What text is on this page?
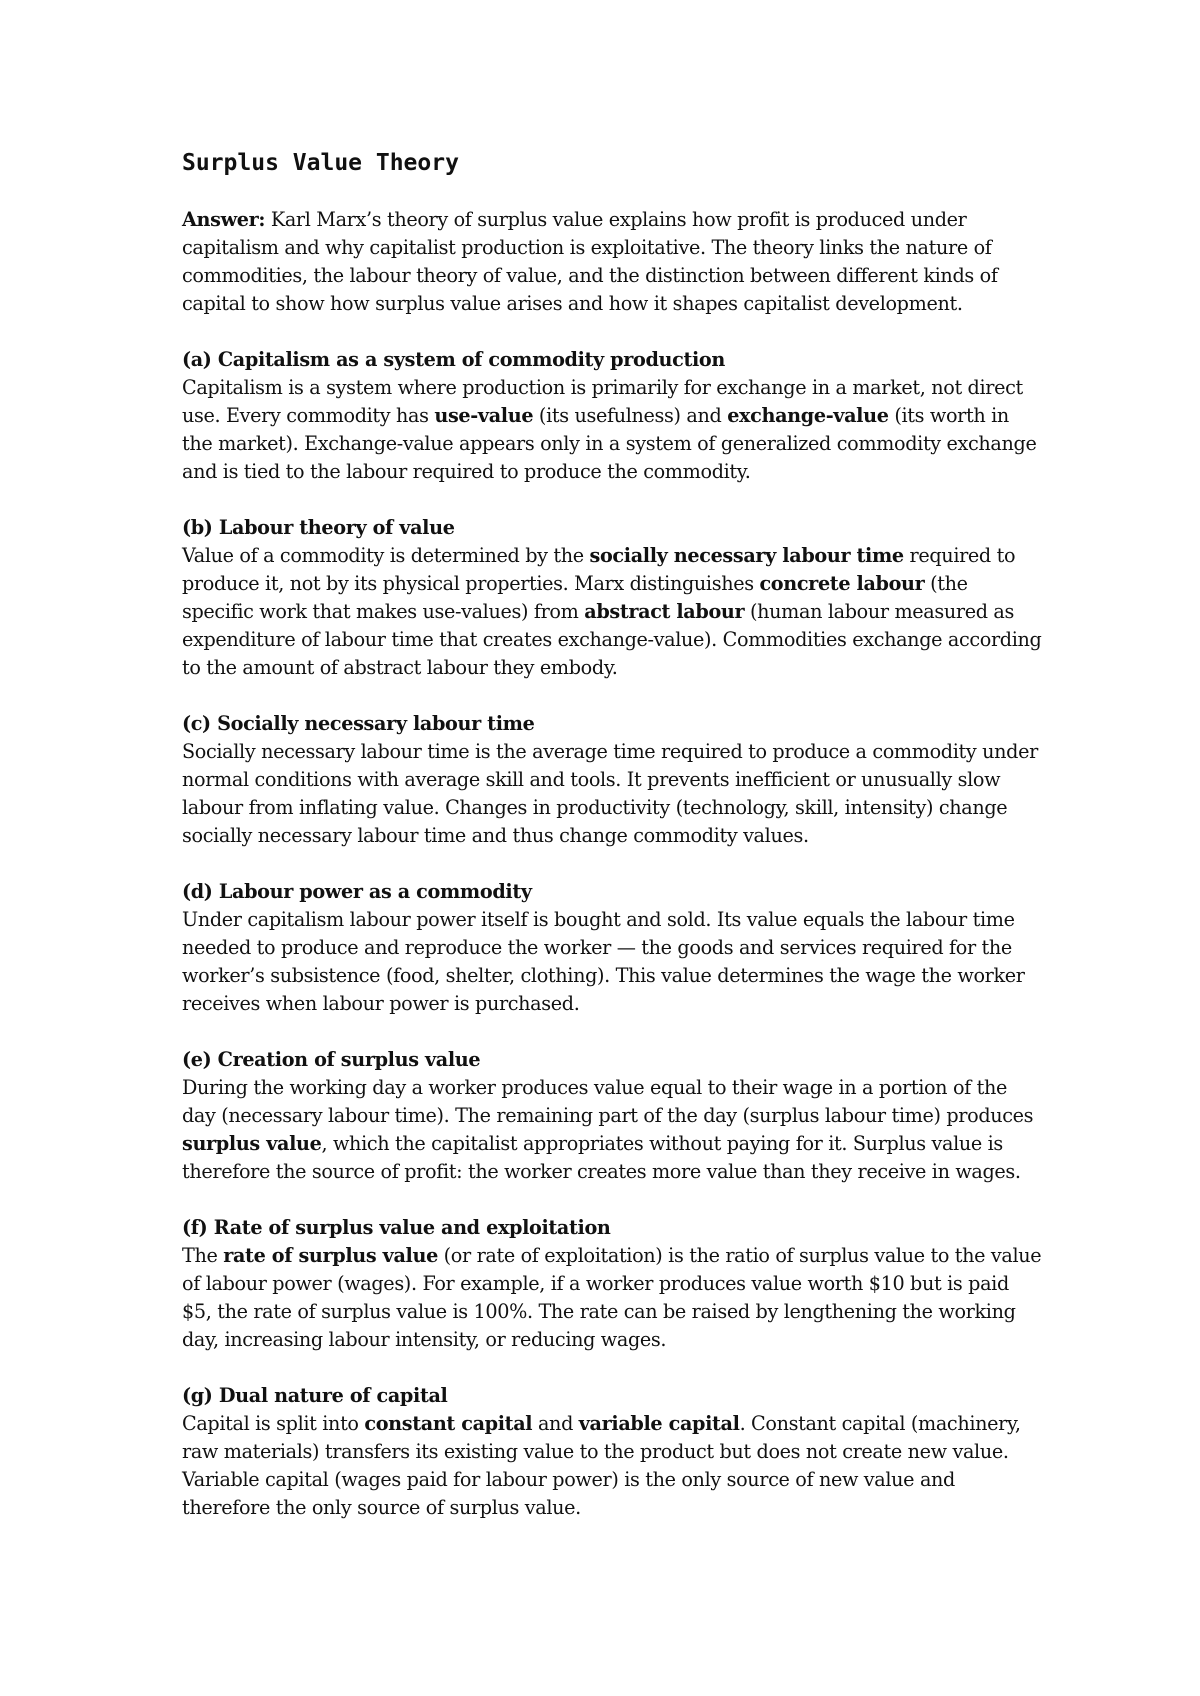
Surplus Value Theory

Answer: Karl Marx’s theory of surplus value explains how profit is produced under capitalism and why capitalist production is exploitative. The theory links the nature of commodities, the labour theory of value, and the distinction between different kinds of capital to show how surplus value arises and how it shapes capitalist development.

(a) Capitalism as a system of commodity production

Capitalism is a system where production is primarily for exchange in a market, not direct use. Every commodity has use-value (its usefulness) and exchange-value (its worth in the market). Exchange-value appears only in a system of generalized commodity exchange and is tied to the labour required to produce the commodity.

(b) Labour theory of value

Value of a commodity is determined by the socially necessary labour time required to produce it, not by its physical properties. Marx distinguishes concrete labour (the specific work that makes use-values) from abstract labour (human labour measured as expenditure of labour time that creates exchange-value). Commodities exchange according to the amount of abstract labour they embody.

(c) Socially necessary labour time

Socially necessary labour time is the average time required to produce a commodity under normal conditions with average skill and tools. It prevents inefficient or unusually slow labour from inflating value. Changes in productivity (technology, skill, intensity) change socially necessary labour time and thus change commodity values.

(d) Labour power as a commodity

Under capitalism labour power itself is bought and sold. Its value equals the labour time needed to produce and reproduce the worker — the goods and services required for the worker’s subsistence (food, shelter, clothing). This value determines the wage the worker receives when labour power is purchased.

(e) Creation of surplus value

During the working day a worker produces value equal to their wage in a portion of the day (necessary labour time). The remaining part of the day (surplus labour time) produces surplus value, which the capitalist appropriates without paying for it. Surplus value is therefore the source of profit: the worker creates more value than they receive in wages.

(f) Rate of surplus value and exploitation

The rate of surplus value (or rate of exploitation) is the ratio of surplus value to the value of labour power (wages). For example, if a worker produces value worth $10 but is paid $5, the rate of surplus value is 100%. The rate can be raised by lengthening the working day, increasing labour intensity, or reducing wages.

(g) Dual nature of capital

Capital is split into constant capital and variable capital. Constant capital (machinery, raw materials) transfers its existing value to the product but does not create new value. Variable capital (wages paid for labour power) is the only source of new value and therefore the only source of surplus value.
